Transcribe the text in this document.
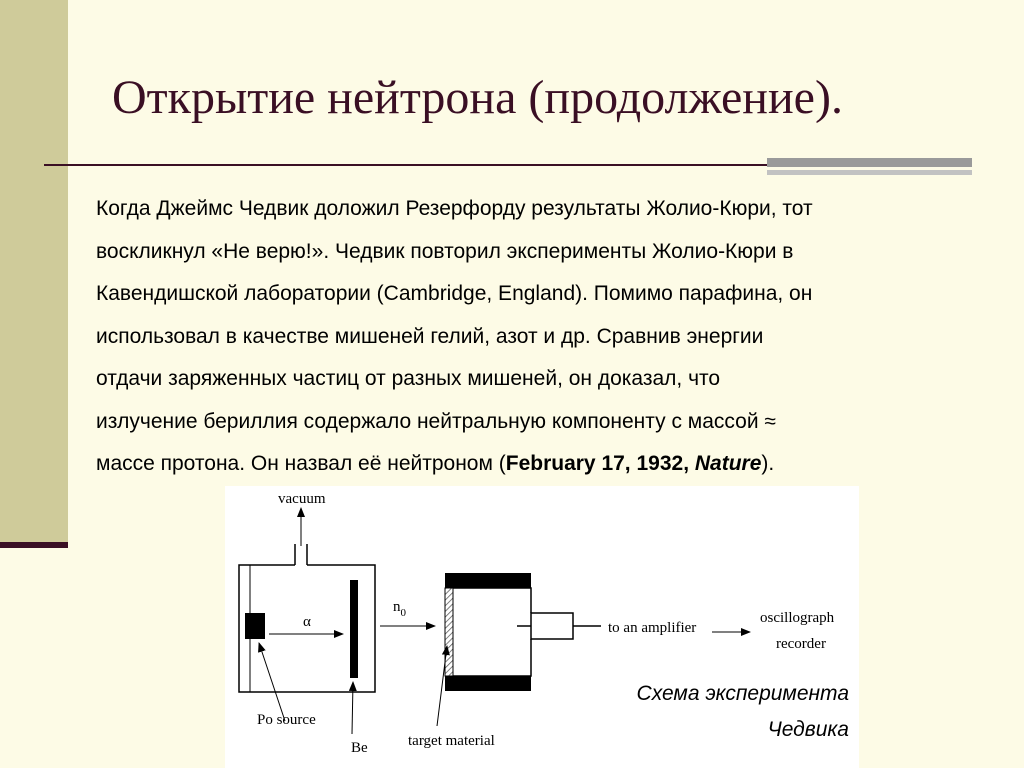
Открытие нейтрона (продолжение).
Когда Джеймс Чедвик доложил Резерфорду результаты Жолио-Кюри, тот
воскликнул «Не верю!». Чедвик повторил эксперименты Жолио-Кюри в
Кавендишской лаборатории (Cambridge, England). Помимо парафина, он
использовал в качестве мишеней гелий, азот и др. Сравнив энергии
отдачи заряженных частиц от разных мишеней, он доказал, что
излучение бериллия содержало нейтральную компоненту с массой ≈
массе протона. Он назвал её нейтроном (February 17, 1932, Nature).
vacuum
α
$n_0$
to an amplifier
oscillograph
recorder
Po source
Be	target material
Схема эксперимента
Чедвика
